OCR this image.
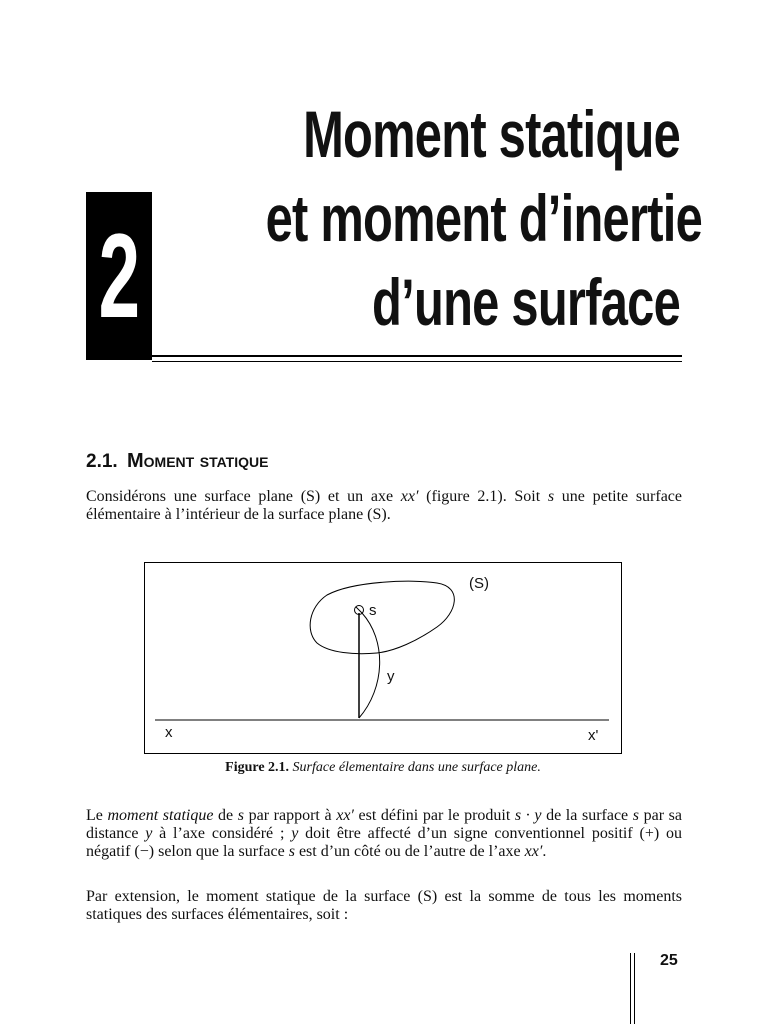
2
Moment statique
et moment d’inertie
d’une surface
2.1. Moment statique

Considérons une surface plane (S) et un axe xx′ (figure 2.1). Soit s une petite surface élémentaire à l’intérieur de la surface plane (S).

(S)
s
y
x	x'
Figure 2.1. Surface élementaire dans une surface plane.

Le moment statique de s par rapport à xx′ est défini par le produit s · y de la surface s par sa distance y à l’axe considéré ; y doit être affecté d’un signe conventionnel positif (+) ou négatif (−) selon que la surface s est d’un côté ou de l’autre de l’axe xx′.

Par extension, le moment statique de la surface (S) est la somme de tous les moments statiques des surfaces élémentaires, soit :

25
